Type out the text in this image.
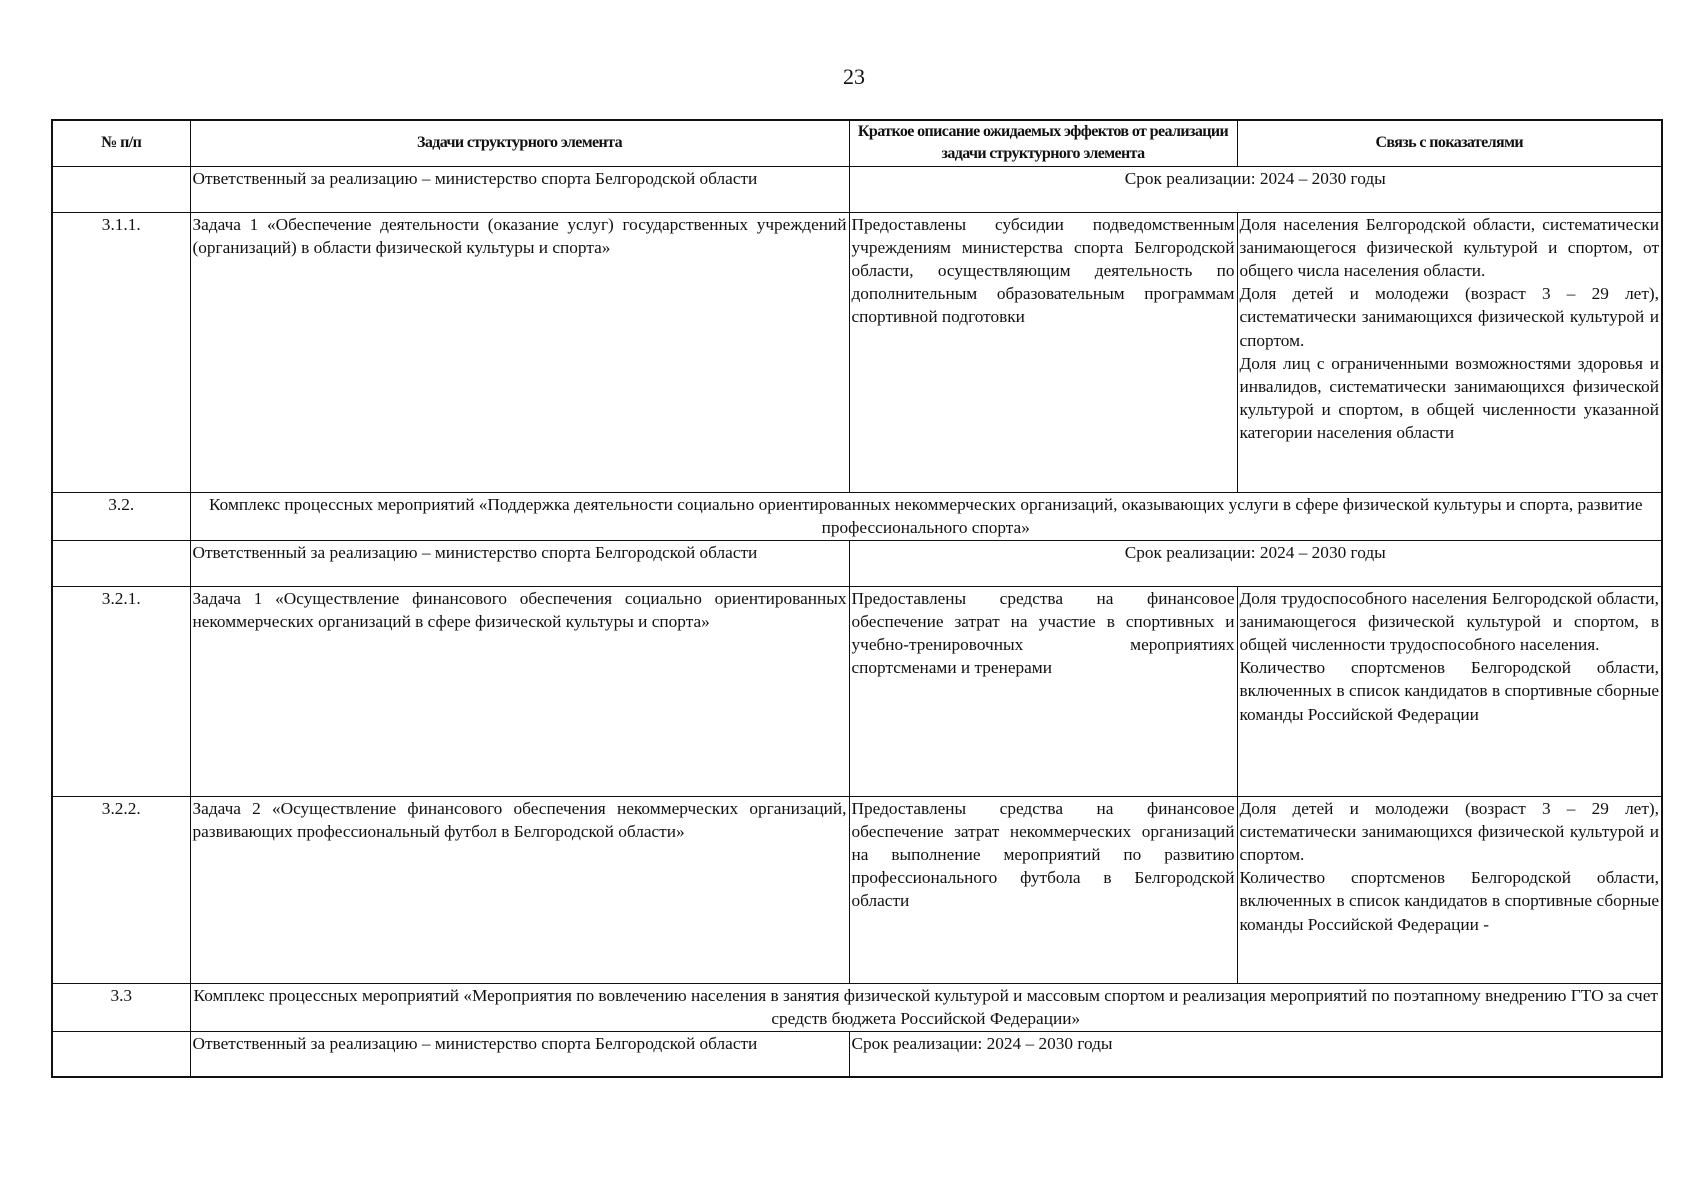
23
№ п/п	Задачи структурного элемента	Краткое описание ожидаемых эффектов от реализации задачи структурного элемента	Связь с показателями
	Ответственный за реализацию – министерство спорта Белгородской области	Срок реализации: 2024 – 2030 годы	
3.1.1.	Задача 1 «Обеспечение деятельности (оказание услуг) государственных учреждений (организаций) в области физической культуры и спорта»	Предоставлены субсидии подведомственным учреждениям министерства спорта Белгородской области, осуществляющим деятельность по дополнительным образовательным программам спортивной подготовки	Доля населения Белгородской области, систематически занимающегося физической культурой и спортом, от общего числа населения области.
Доля детей и молодежи (возраст 3 – 29 лет), систематически занимающихся физической культурой и спортом.
Доля лиц с ограниченными возможностями здоровья и инвалидов, систематически занимающихся физической культурой и спортом, в общей численности указанной категории населения области

3.2.	Комплекс процессных мероприятий «Поддержка деятельности социально ориентированных некоммерческих организаций, оказывающих услуги в сфере физической культуры и спорта, развитие профессионального спорта»		
	Ответственный за реализацию – министерство спорта Белгородской области	Срок реализации: 2024 – 2030 годы	
3.2.1.	Задача 1 «Осуществление финансового обеспечения социально ориентированных некоммерческих организаций в сфере физической культуры и спорта»	Предоставлены средства на финансовое обеспечение затрат на участие в спортивных и учебно-тренировочных мероприятиях спортсменами и тренерами	Доля трудоспособного населения Белгородской области, занимающегося физической культурой и спортом, в общей численности трудоспособного населения.
Количество спортсменов Белгородской области, включенных в список кандидатов в спортивные сборные команды Российской Федерации

3.2.2.	Задача 2 «Осуществление финансового обеспечения некоммерческих организаций, развивающих профессиональный футбол в Белгородской области»	Предоставлены средства на финансовое обеспечение затрат некоммерческих организаций на выполнение мероприятий по развитию профессионального футбола в Белгородской области	Доля детей и молодежи (возраст 3 – 29 лет), систематически занимающихся физической культурой и спортом.
Количество спортсменов Белгородской области, включенных в список кандидатов в спортивные сборные команды Российской Федерации -

3.3	Комплекс процессных мероприятий «Мероприятия по вовлечению населения в занятия физической культурой и массовым спортом и реализация мероприятий по поэтапному внедрению ГТО за счет средств бюджета Российской Федерации»		
	Ответственный за реализацию – министерство спорта Белгородской области	Срок реализации: 2024 – 2030 годы	
